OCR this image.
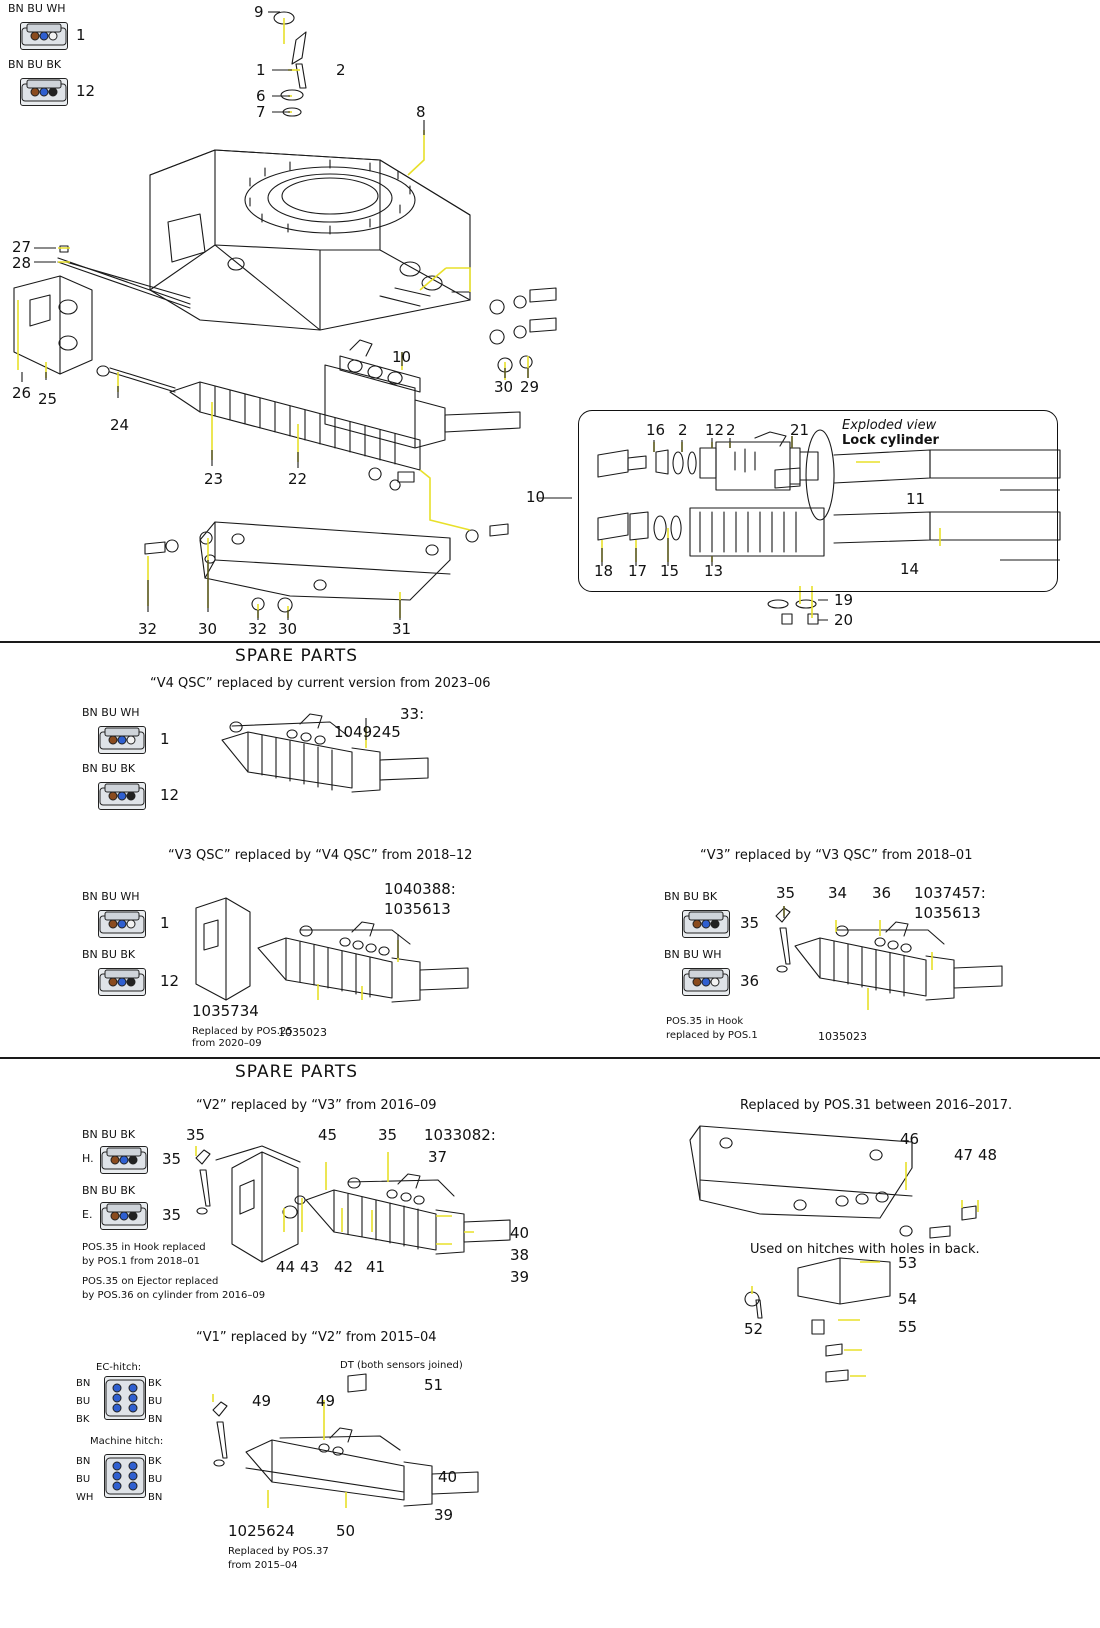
BN BU WH
1
BN BU BK
12
9
1	2
6
7	8
27
28
26 25
24
23	22
10
30 29
32	30 32 30	31
10
Exploded view
Lock cylinder
16 2 12 2	21
11
14
18 17 15 13
19
20
SPARE PARTS
“V4 QSC” replaced by current version from 2023–06
BN BU WH
1
BN BU BK
12
33:
1049245
“V3 QSC” replaced by “V4 QSC” from 2018–12
BN BU WH
1
BN BU BK
12
1040388:
1035613
1035734
Replaced by POS.25
from 2020–09
1035023
“V3” replaced by “V3 QSC” from 2018–01
BN BU BK
35
BN BU WH
36
35 34 36 1037457:
1035613
1035023
POS.35 in Hook
replaced by POS.1
SPARE PARTS
“V2” replaced by “V3” from 2016–09
BN BU BK
H.	35
BN BU BK
E.	35
35	45	35 1033082:
37
40
38
39
44 43 42 41
POS.35 in Hook replaced
by POS.1 from 2018–01
POS.35 on Ejector replaced
by POS.36 on cylinder from 2016–09
“V1” replaced by “V2” from 2015–04
EC-hitch:
BN
BU
BK
BK
BU
BN
Machine hitch:
BN
BU
WH
BK
BU
BN
DT (both sensors joined)
51
49	49
40
39
50
1025624
Replaced by POS.37
from 2015–04
Replaced by POS.31 between 2016–2017.
46
47 48
Used on hitches with holes in back.
52
53
54
55
